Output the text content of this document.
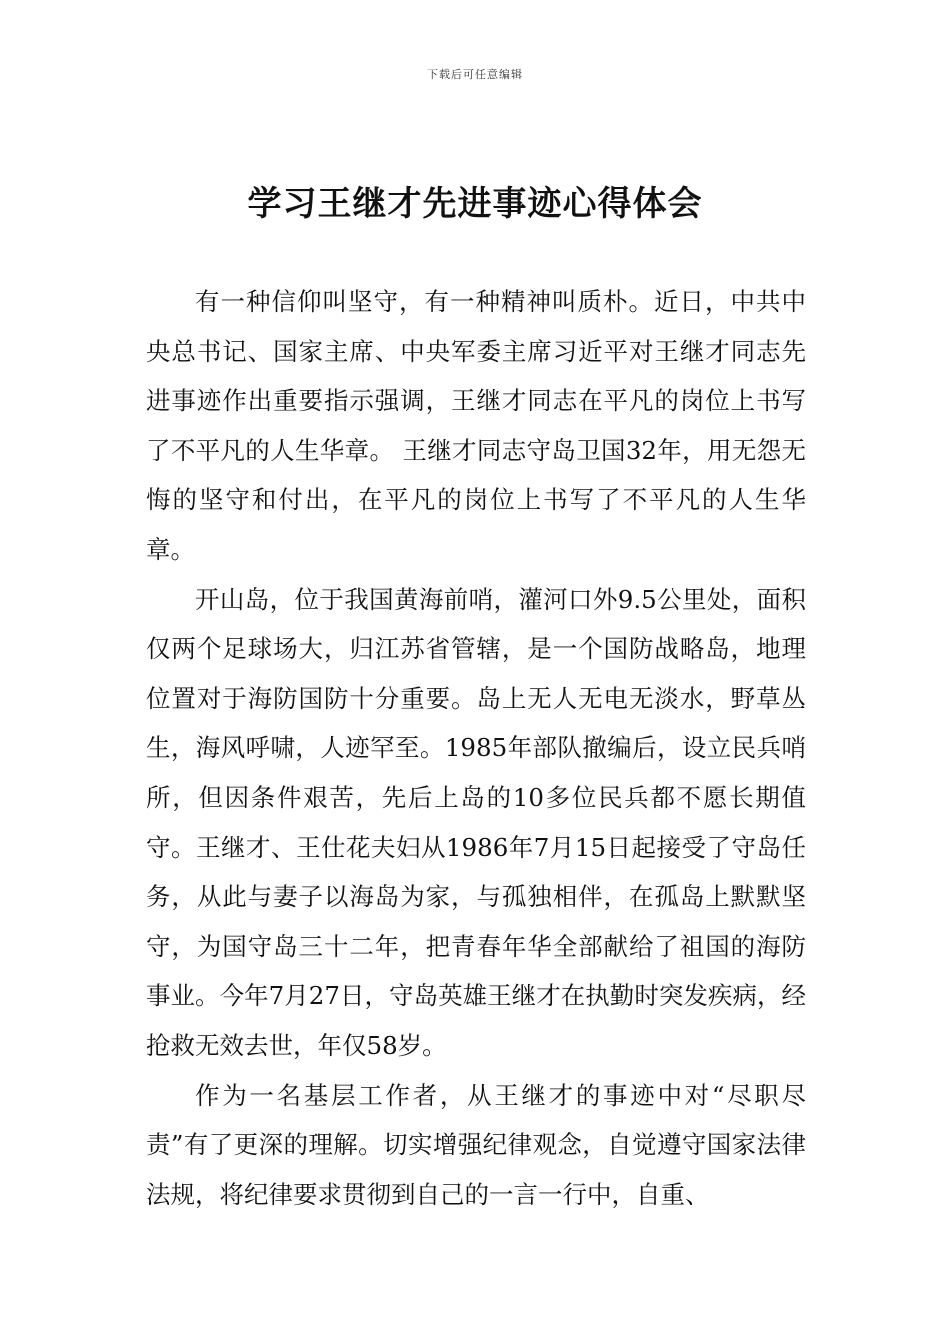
下载后可任意编辑
学习王继才先进事迹心得体会

有一种信仰叫坚守，有一种精神叫质朴。近日，中共中央总书记、国家主席、中央军委主席习近平对王继才同志先进事迹作出重要指示强调，王继才同志在平凡的岗位上书写了不平凡的人生华章。 王继才同志守岛卫国32年，用无怨无悔的坚守和付出，在平凡的岗位上书写了不平凡的人生华章。

开山岛，位于我国黄海前哨，灌河口外9.5公里处，面积仅两个足球场大，归江苏省管辖，是一个国防战略岛，地理位置对于海防国防十分重要。岛上无人无电无淡水，野草丛生，海风呼啸，人迹罕至。1985年部队撤编后，设立民兵哨所，但因条件艰苦，先后上岛的10多位民兵都不愿长期值守。王继才、王仕花夫妇从1986年7月15日起接受了守岛任务，从此与妻子以海岛为家，与孤独相伴，在孤岛上默默坚守，为国守岛三十二年，把青春年华全部献给了祖国的海防事业。今年7月27日，守岛英雄王继才在执勤时突发疾病，经抢救无效去世，年仅58岁。

作为一名基层工作者，从王继才的事迹中对“尽职尽责”有了更深的理解。切实增强纪律观念，自觉遵守国家法律法规，将纪律要求贯彻到自己的一言一行中，自重、
